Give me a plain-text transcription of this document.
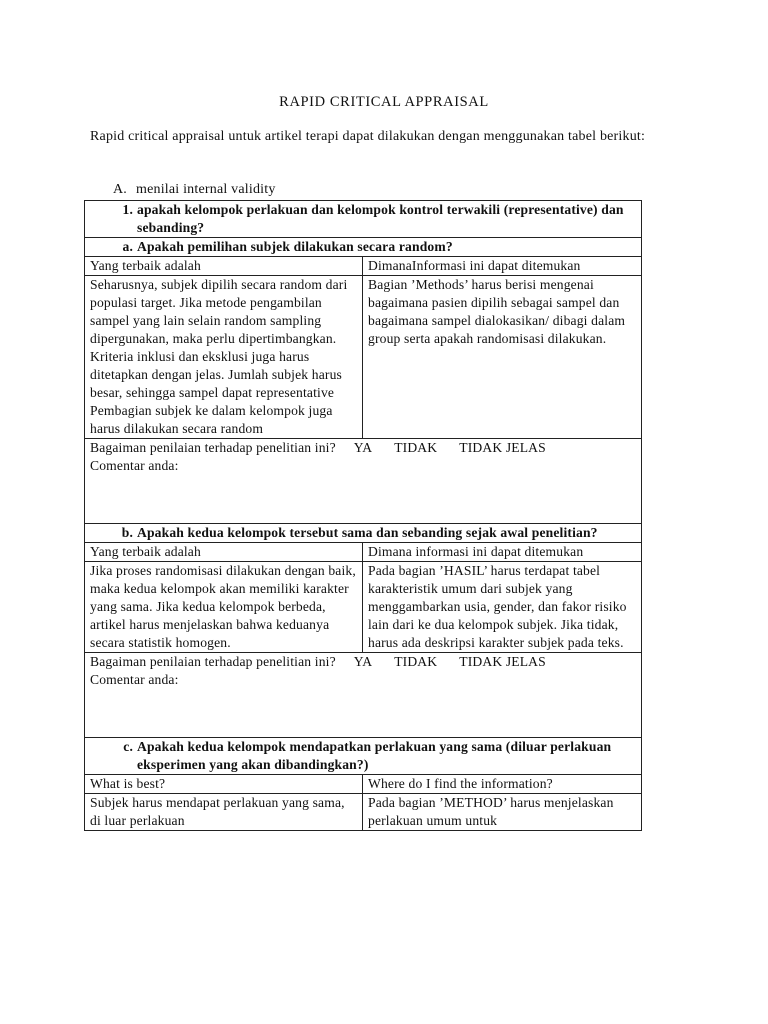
RAPID CRITICAL APPRAISAL
Rapid critical appraisal untuk artikel terapi dapat dilakukan dengan menggunakan tabel berikut:
A. menilai internal validity
1. apakah kelompok perlakuan dan kelompok kontrol terwakili (representative) dan sebanding?	
a. Apakah pemilihan subjek dilakukan secara random?	
Yang terbaik adalah	DimanaInformasi ini dapat ditemukan

Seharusnya, subjek dipilih secara random dari populasi target. Jika metode pengambilan sampel yang lain selain random sampling dipergunakan, maka perlu dipertimbangkan. Kriteria inklusi dan eksklusi juga harus ditetapkan dengan jelas. Jumlah subjek harus besar, sehingga sampel dapat representative
Pembagian subjek ke dalam kelompok juga harus dilakukan secara random	Bagian ’Methods’ harus berisi mengenai bagaimana pasien dipilih sebagai sampel dan bagaimana sampel dialokasikan/ dibagi dalam group serta apakah randomisasi dilakukan.

Bagaiman penilaian terhadap penelitian ini? YA TIDAK TIDAK JELAS
Comentar anda:	

b. Apakah kedua kelompok tersebut sama dan sebanding sejak awal penelitian?	
Yang terbaik adalah	Dimana informasi ini dapat ditemukan
Jika proses randomisasi dilakukan dengan baik, maka kedua kelompok akan memiliki karakter yang sama. Jika kedua kelompok berbeda, artikel harus menjelaskan bahwa keduanya secara statistik homogen.	Pada bagian ’HASIL’ harus terdapat tabel karakteristik umum dari subjek yang menggambarkan usia, gender, dan fakor risiko lain dari ke dua kelompok subjek. Jika tidak, harus ada deskripsi karakter subjek pada teks.

Bagaiman penilaian terhadap penelitian ini? YA TIDAK TIDAK JELAS
Comentar anda:	

c. Apakah kedua kelompok mendapatkan perlakuan yang sama (diluar perlakuan eksperimen yang akan dibandingkan?)	
What is best?	Where do I find the information?
Subjek harus mendapat perlakuan yang sama, di luar perlakuan	Pada bagian ’METHOD’ harus menjelaskan perlakuan umum untuk
